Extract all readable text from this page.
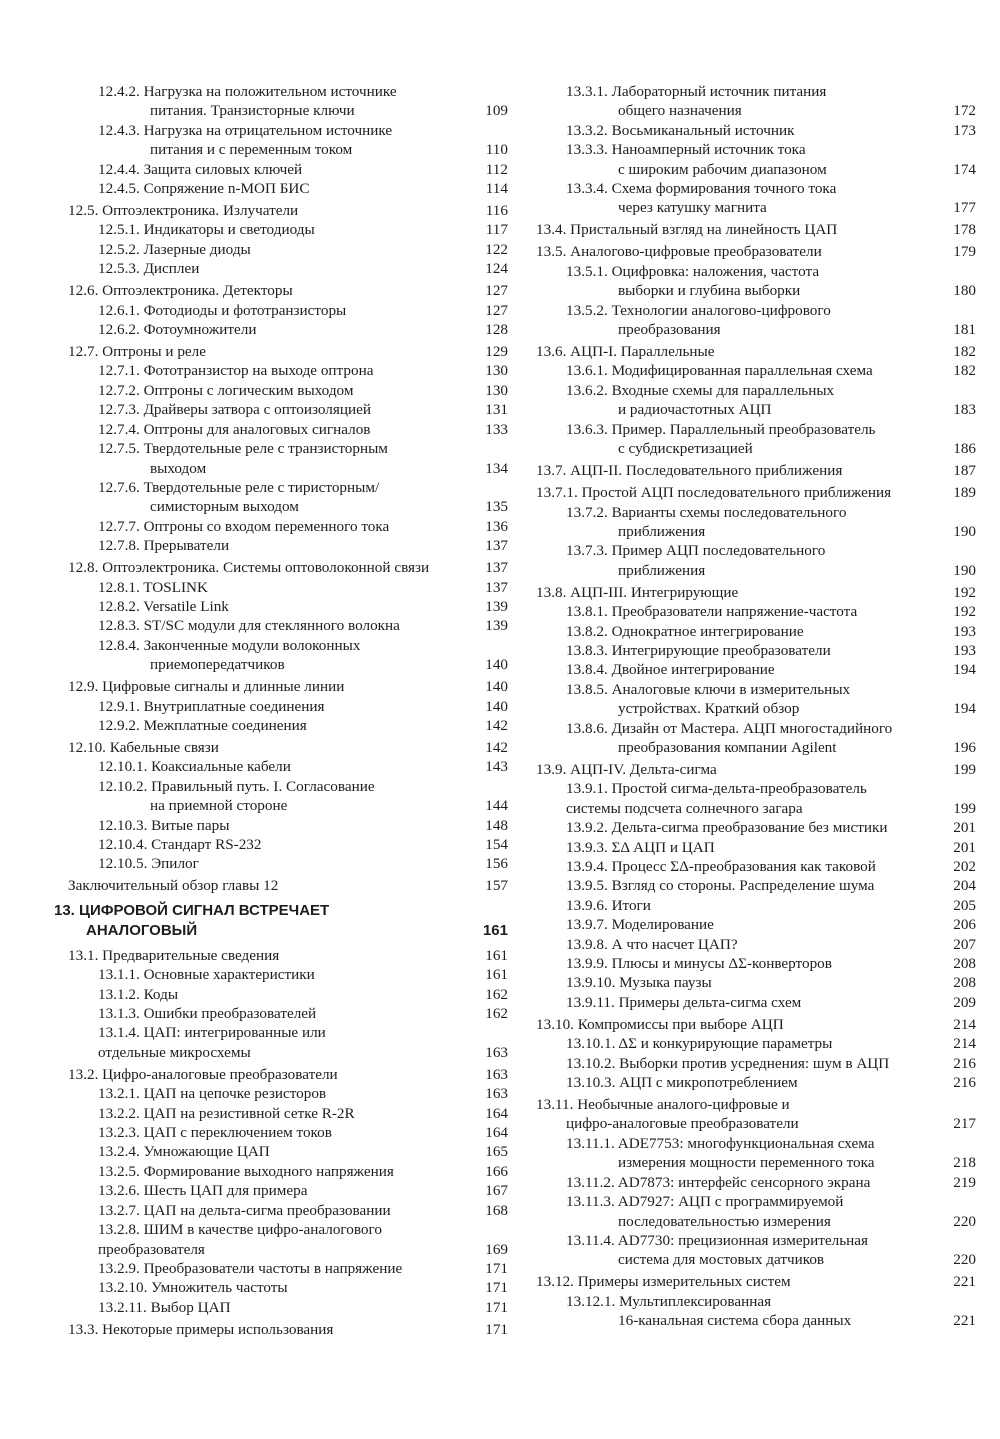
12.4.2. Нагрузка на положительном источнике
питания. Транзисторные ключи	109
12.4.3. Нагрузка на отрицательном источнике
питания и с переменным током	110
12.4.4. Защита силовых ключей	112
12.4.5. Сопряжение n-МОП БИС	114
12.5. Оптоэлектроника. Излучатели	116
12.5.1. Индикаторы и светодиоды	117
12.5.2. Лазерные диоды	122
12.5.3. Дисплеи	124
12.6. Оптоэлектроника. Детекторы	127
12.6.1. Фотодиоды и фототранзисторы	127
12.6.2. Фотоумножители	128
12.7. Оптроны и реле	129
12.7.1. Фототранзистор на выходе оптрона	130
12.7.2. Оптроны с логическим выходом	130
12.7.3. Драйверы затвора с оптоизоляцией	131
12.7.4. Оптроны для аналоговых сигналов	133
12.7.5. Твердотельные реле с транзисторным
выходом	134
12.7.6. Твердотельные реле с тиристорным/
симисторным выходом	135
12.7.7. Оптроны со входом переменного тока	136
12.7.8. Прерыватели	137
12.8. Оптоэлектроника. Системы оптоволоконной связи	137
12.8.1. TOSLINK	137
12.8.2. Versatile Link	139
12.8.3. ST/SC модули для стеклянного волокна	139
12.8.4. Законченные модули волоконных
приемопередатчиков	140
12.9. Цифровые сигналы и длинные линии	140
12.9.1. Внутриплатные соединения	140
12.9.2. Межплатные соединения	142
12.10. Кабельные связи	142
12.10.1. Коаксиальные кабели	143
12.10.2. Правильный путь. I. Согласование
на приемной стороне	144
12.10.3. Витые пары	148
12.10.4. Стандарт RS-232	154
12.10.5. Эпилог	156
Заключительный обзор главы 12	157
13. ЦИФРОВОЙ СИГНАЛ ВСТРЕЧАЕТ
АНАЛОГОВЫЙ	161
13.1. Предварительные сведения	161
13.1.1. Основные характеристики	161
13.1.2. Коды	162
13.1.3. Ошибки преобразователей	162
13.1.4. ЦАП: интегрированные или
отдельные микросхемы	163
13.2. Цифро-аналоговые преобразователи	163
13.2.1. ЦАП на цепочке резисторов	163
13.2.2. ЦАП на резистивной сетке R-2R	164
13.2.3. ЦАП с переключением токов	164
13.2.4. Умножающие ЦАП	165
13.2.5. Формирование выходного напряжения	166
13.2.6. Шесть ЦАП для примера	167
13.2.7. ЦАП на дельта-сигма преобразовании	168
13.2.8. ШИМ в качестве цифро-аналогового
преобразователя	169
13.2.9. Преобразователи частоты в напряжение	171
13.2.10. Умножитель частоты	171
13.2.11. Выбор ЦАП	171
13.3. Некоторые примеры использования	171
13.3.1. Лабораторный источник питания
общего назначения	172
13.3.2. Восьмиканальный источник	173
13.3.3. Наноамперный источник тока
с широким рабочим диапазоном	174
13.3.4. Схема формирования точного тока
через катушку магнита	177
13.4. Пристальный взгляд на линейность ЦАП	178
13.5. Аналогово-цифровые преобразователи	179
13.5.1. Оцифровка: наложения, частота
выборки и глубина выборки	180
13.5.2. Технологии аналогово-цифрового
преобразования	181
13.6. АЦП-I. Параллельные	182
13.6.1. Модифицированная параллельная схема	182
13.6.2. Входные схемы для параллельных
и радиочастотных АЦП	183
13.6.3. Пример. Параллельный преобразователь
с субдискретизацией	186
13.7. АЦП-II. Последовательного приближения	187
13.7.1. Простой АЦП последовательного приближения	189
13.7.2. Варианты схемы последовательного
приближения	190
13.7.3. Пример АЦП последовательного
приближения	190
13.8. АЦП-III. Интегрирующие	192
13.8.1. Преобразователи напряжение-частота	192
13.8.2. Однократное интегрирование	193
13.8.3. Интегрирующие преобразователи	193
13.8.4. Двойное интегрирование	194
13.8.5. Аналоговые ключи в измерительных
устройствах. Краткий обзор	194
13.8.6. Дизайн от Мастера. АЦП многостадийного
преобразования компании Agilent	196
13.9. АЦП-IV. Дельта-сигма	199
13.9.1. Простой сигма-дельта-преобразователь
системы подсчета солнечного загара	199
13.9.2. Дельта-сигма преобразование без мистики	201
13.9.3. ΣΔ АЦП и ЦАП	201
13.9.4. Процесс ΣΔ-преобразования как таковой	202
13.9.5. Взгляд со стороны. Распределение шума	204
13.9.6. Итоги	205
13.9.7. Моделирование	206
13.9.8. А что насчет ЦАП?	207
13.9.9. Плюсы и минусы ΔΣ-конверторов	208
13.9.10. Музыка паузы	208
13.9.11. Примеры дельта-сигма схем	209
13.10. Компромиссы при выборе АЦП	214
13.10.1. ΔΣ и конкурирующие параметры	214
13.10.2. Выборки против усреднения: шум в АЦП	216
13.10.3. АЦП с микропотреблением	216
13.11. Необычные аналого-цифровые и
цифро-аналоговые преобразователи	217
13.11.1. ADE7753: многофункциональная схема
измерения мощности переменного тока	218
13.11.2. AD7873: интерфейс сенсорного экрана	219
13.11.3. AD7927: АЦП с программируемой
последовательностью измерения	220
13.11.4. AD7730: прецизионная измерительная
система для мостовых датчиков	220
13.12. Примеры измерительных систем	221
13.12.1. Мультиплексированная
16-канальная система сбора данных	221
